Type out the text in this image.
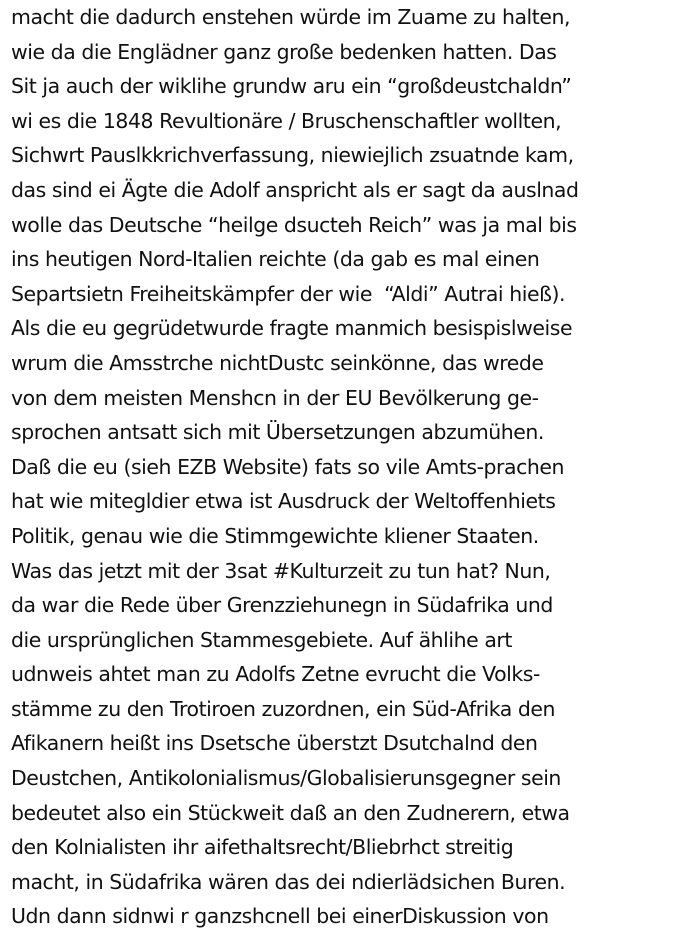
macht die dadurch enstehen würde im Zuame zu halten,
wie da die Englädner ganz große bedenken hatten. Das
Sit ja auch der wiklihe grundw aru ein “großdeustchaldn”
wi es die 1848 Revultionäre / Bruschenschaftler wollten,
Sichwrt Pauslkkrichverfassung, niewiejlich zsuatnde kam,
das sind ei Ägte die Adolf anspricht als er sagt da auslnad
wolle das Deutsche “heilge dsucteh Reich” was ja mal bis
ins heutigen Nord-Italien reichte (da gab es mal einen
Separtsietn Freiheitskämpfer der wie  “Aldi” Autrai hieß).
Als die eu gegrüdetwurde fragte manmich besispislweise
wrum die Amsstrche nichtDustc seinkönne, das wrede
von dem meisten Menshcn in der EU Bevölkerung ge-
sprochen antsatt sich mit Übersetzungen abzumühen.
Daß die eu (sieh EZB Website) fats so vile Amts-prachen
hat wie mitegldier etwa ist Ausdruck der Weltoffenhiets
Politik, genau wie die Stimmgewichte kliener Staaten.
Was das jetzt mit der 3sat #Kulturzeit zu tun hat? Nun,
da war die Rede über Grenzziehunegn in Südafrika und
die ursprünglichen Stammesgebiete. Auf ählihe art
udnweis ahtet man zu Adolfs Zetne evrucht die Volks-
stämme zu den Trotiroen zuzordnen, ein Süd-Afrika den
Afikanern heißt ins Dsetsche überstzt Dsutchalnd den
Deustchen, Antikolonialismus/Globalisierunsgegner sein
bedeutet also ein Stückweit daß an den Zudnerern, etwa
den Kolnialisten ihr aifethaltsrecht/Bliebrhct streitig
macht, in Südafrika wären das dei ndierlädsichen Buren.
Udn dann sidnwi r ganzshcnell bei einerDiskussion von
